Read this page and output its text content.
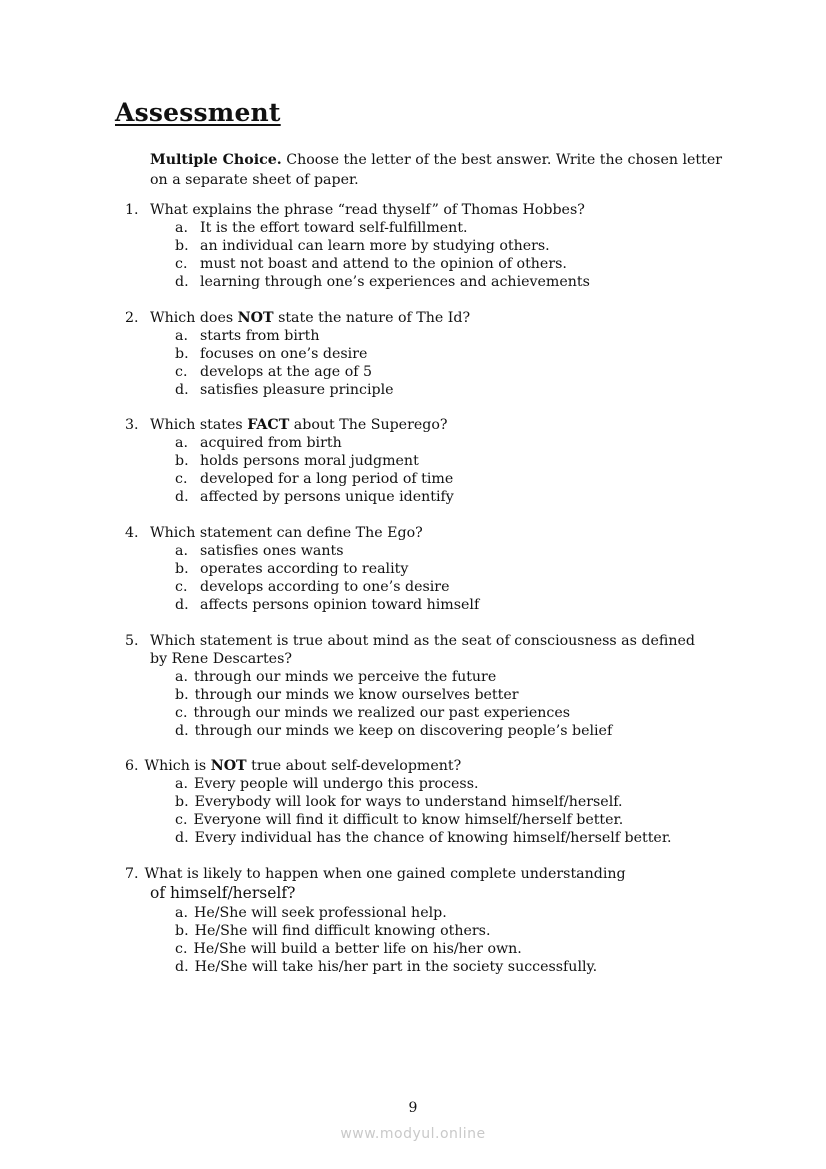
Assessment
Multiple Choice. Choose the letter of the best answer. Write the chosen letter on a separate sheet of paper.
1. What explains the phrase “read thyself” of Thomas Hobbes?
a. It is the effort toward self-fulfillment.
b. an individual can learn more by studying others.
c. must not boast and attend to the opinion of others.
d. learning through one’s experiences and achievements
2. Which does NOT state the nature of The Id?
a. starts from birth
b. focuses on one’s desire
c. develops at the age of 5
d. satisfies pleasure principle
3. Which states FACT about The Superego?
a. acquired from birth
b. holds persons moral judgment
c. developed for a long period of time
d. affected by persons unique identify
4. Which statement can define The Ego?
a. satisfies ones wants
b. operates according to reality
c. develops according to one’s desire
d. affects persons opinion toward himself
5. Which statement is true about mind as the seat of consciousness as defined
by Rene Descartes?
a. through our minds we perceive the future
b. through our minds we know ourselves better
c. through our minds we realized our past experiences
d. through our minds we keep on discovering people’s belief
6. Which is NOT true about self-development?
a. Every people will undergo this process.
b. Everybody will look for ways to understand himself/herself.
c. Everyone will find it difficult to know himself/herself better.
d. Every individual has the chance of knowing himself/herself better.
7. What is likely to happen when one gained complete understanding
of himself/herself?
a. He/She will seek professional help.
b. He/She will find difficult knowing others.
c. He/She will build a better life on his/her own.
d. He/She will take his/her part in the society successfully.
9
www.modyul.online
